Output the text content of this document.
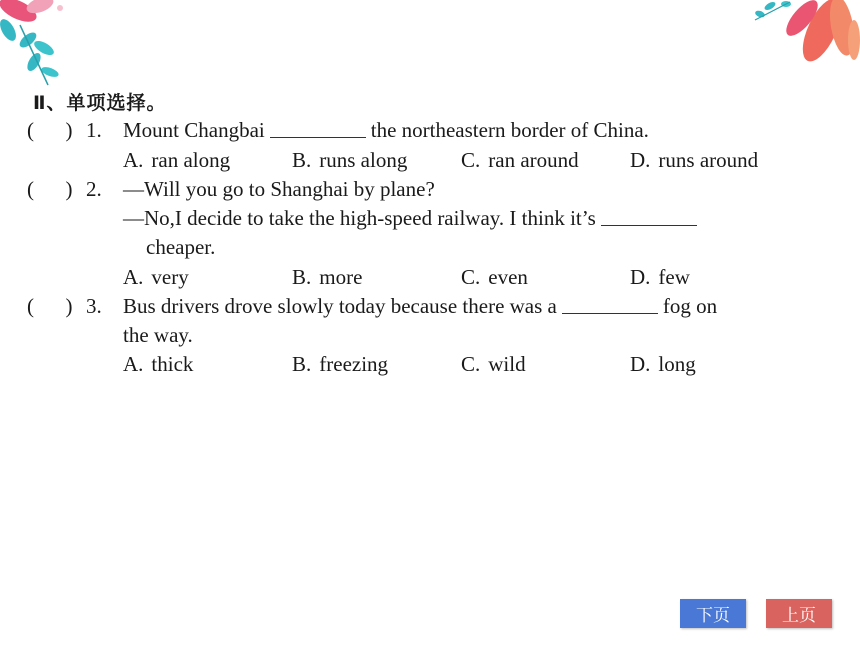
Ⅱ、单项选择。
(      ) 1. Mount Changbai	the northeastern border of China.
A. ran along	B. runs along	C. ran around D. runs around
(      ) 2. —Will you go to Shanghai by plane?
—No,I decide to take the high-speed railway. I think it’s
cheaper.
A. very	B. more	C. even	D. few
(      ) 3. Bus drivers drove slowly today because there was a	fog on
the way.
A. thick	B. freezing	C. wild	D. long
下页	上页
